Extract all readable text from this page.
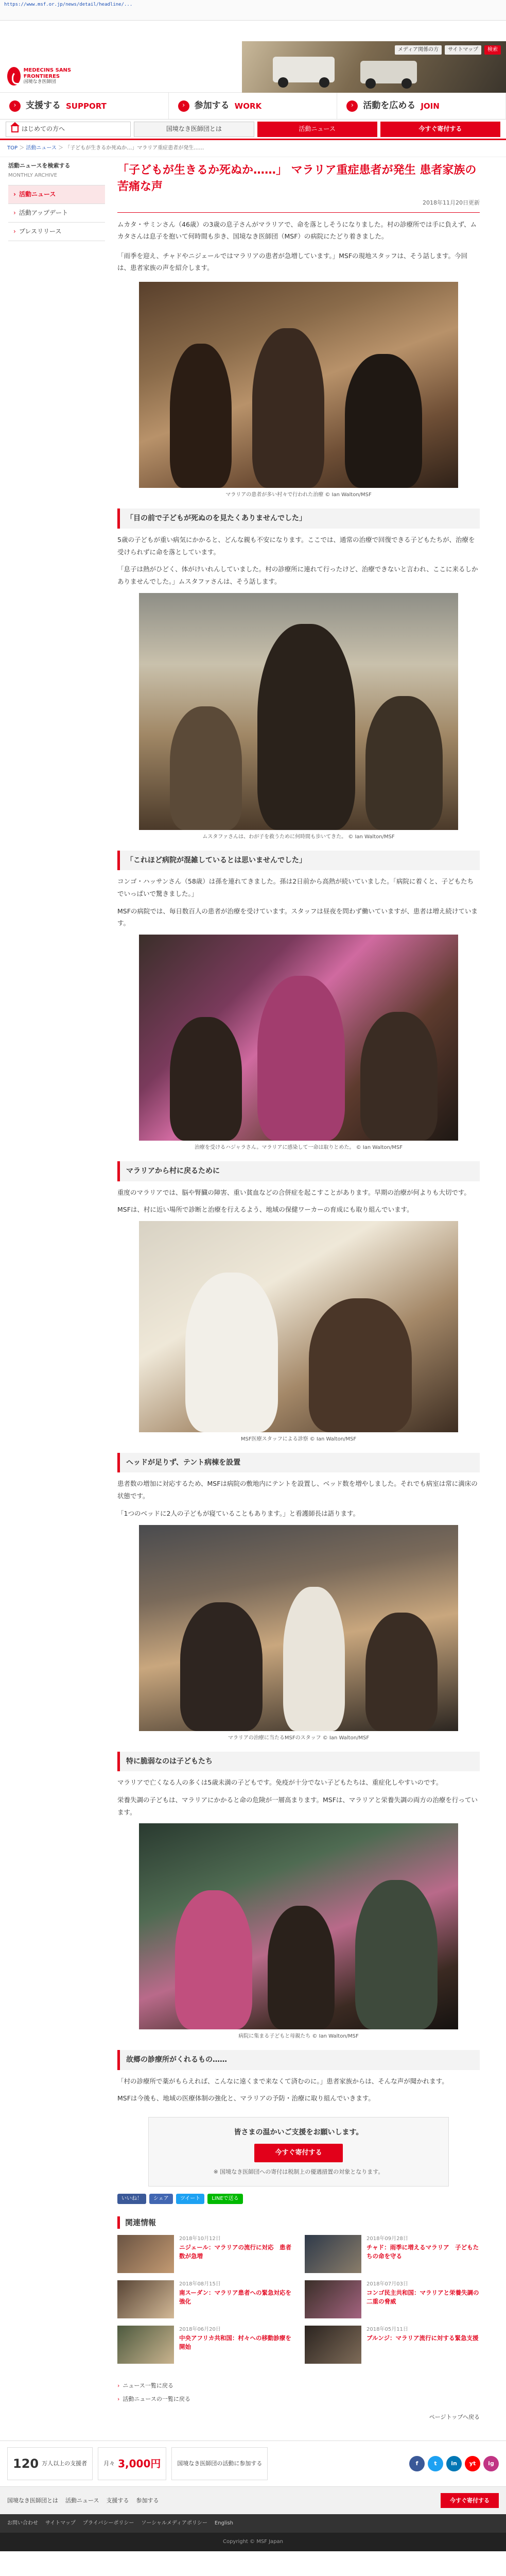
https://www.msf.or.jp/news/detail/headline/...
メディア関係の方	サイトマップ	検索
MEDECINS SANS FRONTIERES
国境なき医師団
›	支援する SUPPORT	›	参加する WORK	›	活動を広める JOIN
はじめての方へ	国境なき医師団とは	活動ニュース	今すぐ寄付する
TOP ＞ 活動ニュース ＞ 「子どもが生きるか死ぬか…」マラリア重症患者が発生……
活動ニュースを検索する
MONTHLY ARCHIVE
› 活動ニュース
› 活動アップデート
› プレスリリース
「子どもが生きるか死ぬか……」 マラリア重症患者が発生 患者家族の苦痛な声
2018年11月20日更新

ムカタ・サミンさん（46歳）の3歳の息子さんがマラリアで、命を落としそうになりました。村の診療所では手に負えず、ムカタさんは息子を抱いて何時間も歩き、国境なき医師団（MSF）の病院にたどり着きました。

「雨季を迎え、チャドやニジェールではマラリアの患者が急増しています。」MSFの現地スタッフは、そう話します。今回は、患者家族の声を紹介します。

マラリアの患者が多い村々で行われた治療 © Ian Walton/MSF
「目の前で子どもが死ぬのを見たくありませんでした」

5歳の子どもが重い病気にかかると、どんな親も不安になります。ここでは、通常の治療で回復できる子どもたちが、治療を受けられずに命を落としています。

「息子は熱がひどく、体がけいれんしていました。村の診療所に連れて行ったけど、治療できないと言われ、ここに来るしかありませんでした。」ムスタファさんは、そう話します。

ムスタファさんは、わが子を救うために何時間も歩いてきた。 © Ian Walton/MSF
「これほど病院が混雑しているとは思いませんでした」

コンゴ・ハッサンさん（58歳）は孫を連れてきました。孫は2日前から高熱が続いていました。「病院に着くと、子どもたちでいっぱいで驚きました。」

MSFの病院では、毎日数百人の患者が治療を受けています。スタッフは昼夜を問わず働いていますが、患者は増え続けています。

治療を受けるハジャラさん。マラリアに感染して一命は取りとめた。 © Ian Walton/MSF
マラリアから村に戻るために

重度のマラリアでは、脳や腎臓の障害、重い貧血などの合併症を起こすことがあります。早期の治療が何よりも大切です。

MSFは、村に近い場所で診断と治療を行えるよう、地域の保健ワーカーの育成にも取り組んでいます。

MSF医療スタッフによる診察 © Ian Walton/MSF
ヘッドが足りず、テント病棟を設置

患者数の増加に対応するため、MSFは病院の敷地内にテントを設置し、ベッド数を増やしました。それでも病室は常に満床の状態です。

「1つのベッドに2人の子どもが寝ていることもあります。」と看護師長は語ります。

マラリアの治療に当たるMSFのスタッフ © Ian Walton/MSF
特に脆弱なのは子どもたち

マラリアで亡くなる人の多くは5歳未満の子どもです。免疫が十分でない子どもたちは、重症化しやすいのです。

栄養失調の子どもは、マラリアにかかると命の危険が一層高まります。MSFは、マラリアと栄養失調の両方の治療を行っています。

病院に集まる子どもと母親たち © Ian Walton/MSF
故郷の診療所がくれるもの……

「村の診療所で薬がもらえれば、こんなに遠くまで来なくて済むのに。」患者家族からは、そんな声が聞かれます。

MSFは今後も、地域の医療体制の強化と、マラリアの予防・治療に取り組んでいきます。

皆さまの温かいご支援をお願いします。
今すぐ寄付する
※ 国境なき医師団への寄付は税制上の優遇措置の対象となります。
いいね！	シェア	ツイート	LINEで送る
関連情報
2018年10月12日
ニジェール：マラリアの流行に対応　患者数が急増
2018年09月28日
チャド：雨季に増えるマラリア　子どもたちの命を守る
2018年08月15日
南スーダン：マラリア患者への緊急対応を強化
2018年07月03日
コンゴ民主共和国：マラリアと栄養失調の二重の脅威
2018年06月20日
中央アフリカ共和国：村々への移動診療を開始
2018年05月11日
ブルンジ：マラリア流行に対する緊急支援
› ニュース一覧に戻る
› 活動ニュースの一覧に戻る
ページトップへ戻る
120 万人以上の支援者	月々 3,000円	国境なき医師団の活動に参加する	f	t	in	yt	ig
国境なき医師団とは 活動ニュース 支援する 参加する	今すぐ寄付する
お問い合わせ サイトマップ プライバシーポリシー ソーシャルメディアポリシー English
Copyright © MSF Japan
